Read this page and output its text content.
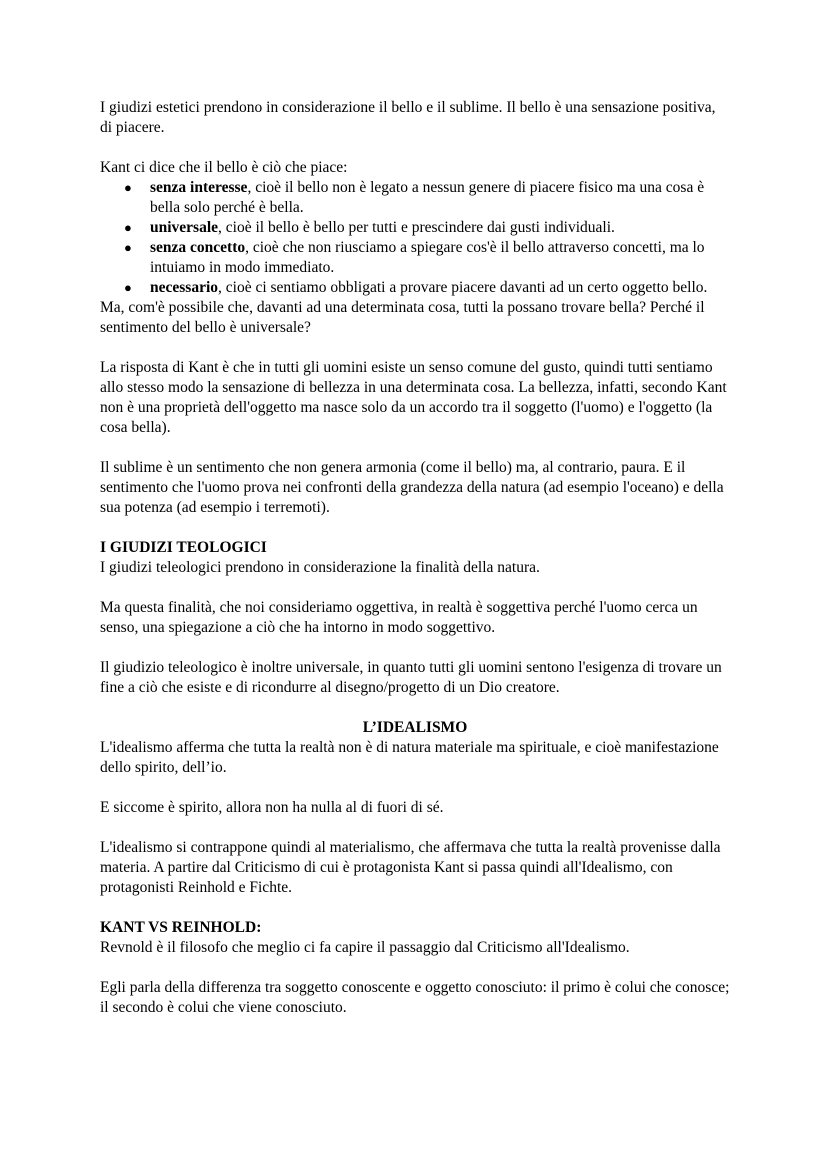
I giudizi estetici prendono in considerazione il bello e il sublime. Il bello è una sensazione positiva, di piacere.

Kant ci dice che il bello è ciò che piace:

● senza interesse, cioè il bello non è legato a nessun genere di piacere fisico ma una cosa è bella solo perché è bella.
● universale, cioè il bello è bello per tutti e prescindere dai gusti individuali.
● senza concetto, cioè che non riusciamo a spiegare cos'è il bello attraverso concetti, ma lo intuiamo in modo immediato.
● necessario, cioè ci sentiamo obbligati a provare piacere davanti ad un certo oggetto bello.

Ma, com'è possibile che, davanti ad una determinata cosa, tutti la possano trovare bella? Perché il sentimento del bello è universale?

La risposta di Kant è che in tutti gli uomini esiste un senso comune del gusto, quindi tutti sentiamo allo stesso modo la sensazione di bellezza in una determinata cosa. La bellezza, infatti, secondo Kant non è una proprietà dell'oggetto ma nasce solo da un accordo tra il soggetto (l'uomo) e l'oggetto (la cosa bella).

Il sublime è un sentimento che non genera armonia (come il bello) ma, al contrario, paura. E il sentimento che l'uomo prova nei confronti della grandezza della natura (ad esempio l'oceano) e della sua potenza (ad esempio i terremoti).

I GIUDIZI TEOLOGICI

I giudizi teleologici prendono in considerazione la finalità della natura.

Ma questa finalità, che noi consideriamo oggettiva, in realtà è soggettiva perché l'uomo cerca un senso, una spiegazione a ciò che ha intorno in modo soggettivo.

Il giudizio teleologico è inoltre universale, in quanto tutti gli uomini sentono l'esigenza di trovare un fine a ciò che esiste e di ricondurre al disegno/progetto di un Dio creatore.

L’IDEALISMO

L'idealismo afferma che tutta la realtà non è di natura materiale ma spirituale, e cioè manifestazione dello spirito, dell’io.

E siccome è spirito, allora non ha nulla al di fuori di sé.

L'idealismo si contrappone quindi al materialismo, che affermava che tutta la realtà provenisse dalla materia. A partire dal Criticismo di cui è protagonista Kant si passa quindi all'Idealismo, con protagonisti Reinhold e Fichte.

KANT VS REINHOLD:

Revnold è il filosofo che meglio ci fa capire il passaggio dal Criticismo all'Idealismo.

Egli parla della differenza tra soggetto conoscente e oggetto conosciuto: il primo è colui che conosce; il secondo è colui che viene conosciuto.
